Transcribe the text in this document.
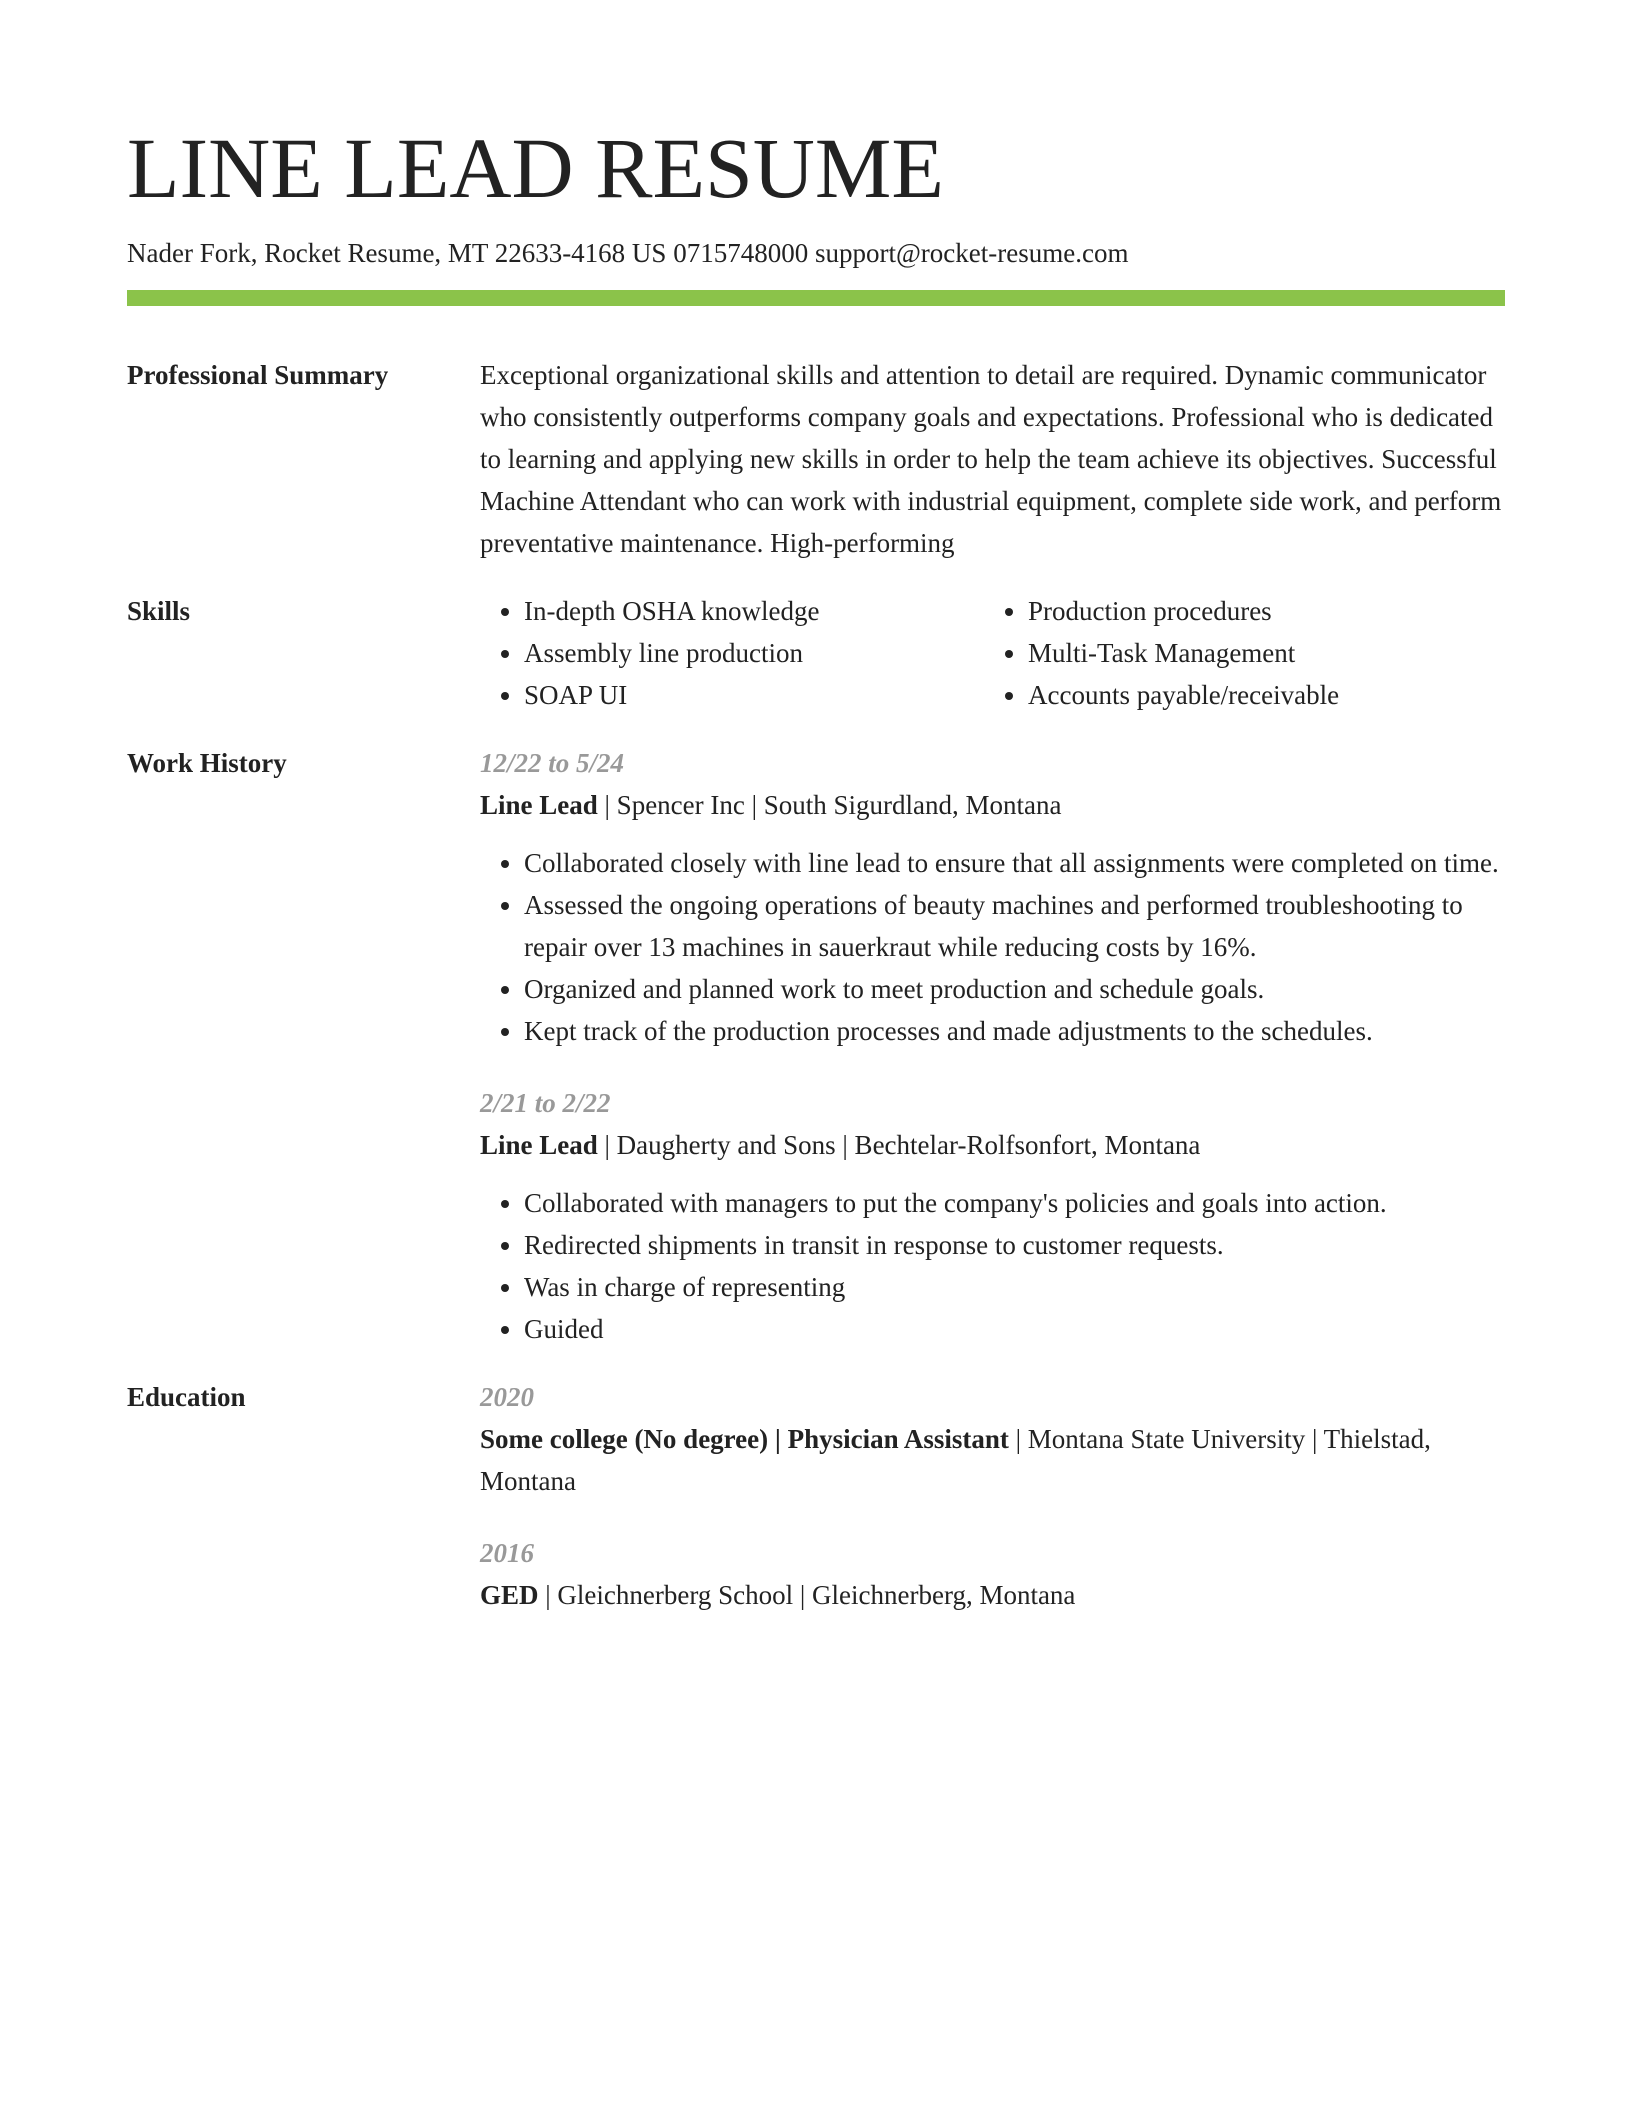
LINE LEAD RESUME
Nader Fork, Rocket Resume, MT 22633-4168 US 0715748000 support@rocket-resume.com
Professional Summary	Exceptional organizational skills and attention to detail are required. Dynamic communicator who consistently outperforms company goals and expectations. Professional who is dedicated to learning and applying new skills in order to help the team achieve its objectives. Successful Machine Attendant who can work with industrial equipment, complete side work, and perform preventative maintenance. High-performing

Skills
•	In-depth OSHA knowledge
• Assembly line production
• SOAP UI
• Production procedures
• Multi-Task Management
• Accounts payable/receivable
Work History	12/22 to 5/24
Line Lead | Spencer Inc | South Sigurdland, Montana
• Collaborated closely with line lead to ensure that all assignments were completed on time.
• Assessed the ongoing operations of beauty machines and performed troubleshooting to repair over 13 machines in sauerkraut while reducing costs by 16%.
• Organized and planned work to meet production and schedule goals.
• Kept track of the production processes and made adjustments to the schedules.
2/21 to 2/22
Line Lead | Daugherty and Sons | Bechtelar-Rolfsonfort, Montana
• Collaborated with managers to put the company's policies and goals into action.
• Redirected shipments in transit in response to customer requests.
• Was in charge of representing
• Guided
Education	2020
Some college (No degree) | Physician Assistant | Montana State University | Thielstad, Montana
2016
GED | Gleichnerberg School | Gleichnerberg, Montana
